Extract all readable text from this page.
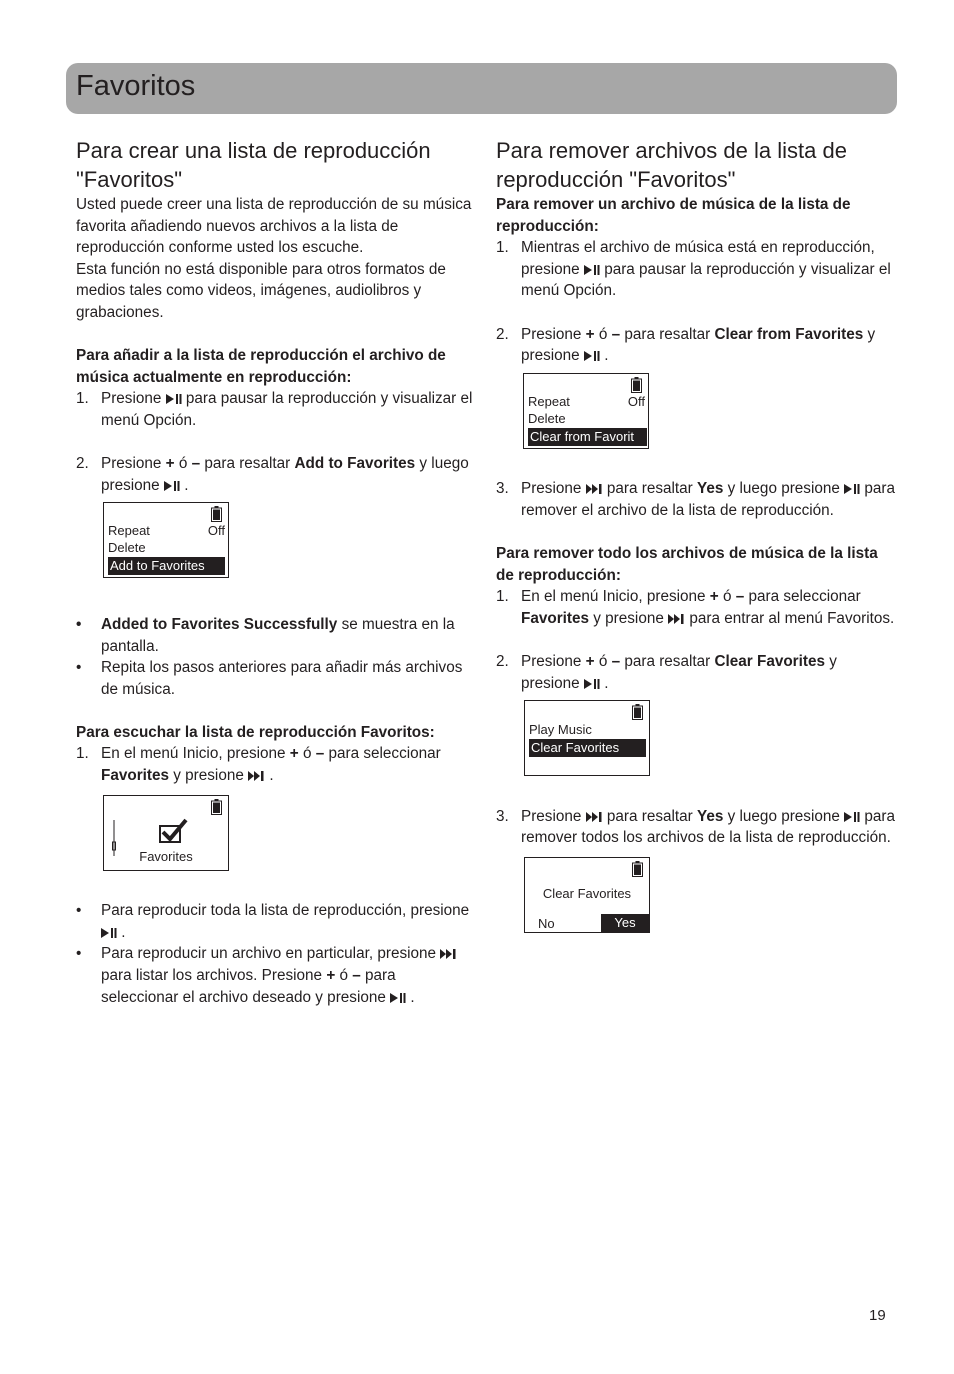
Favoritos
Para crear una lista de reproducción
"Favoritos"

Usted puede creer una lista de reproducción de su música favorita añadiendo nuevos archivos a la lista de reproducción conforme usted los escuche.

Esta función no está disponible para otros formatos de medios tales como videos, imágenes, audiolibros y grabaciones.

Para añadir a la lista de reproducción el archivo de música actualmente en reproducción:

1. Presione para pausar la reproducción y visualizar el menú Opción.
2. Presione + ó – para resaltar Add to Favorites y luego presione .
Repeat	Off
Delete
Add to Favorites
•	Added to Favorites Successfully se muestra en la pantalla.
•	Repita los pasos anteriores para añadir más archivos de música.

Para escuchar la lista de reproducción Favoritos:

1. En el menú Inicio, presione + ó – para seleccionar Favorites y presione .
Favorites
•	Para reproducir toda la lista de reproducción, presione
.
•	Para reproducir un archivo en particular, presione
para listar los archivos. Presione + ó – para seleccionar el archivo deseado y presione .
Para remover archivos de la lista de
reproducción "Favoritos"

Para remover un archivo de música de la lista de reproducción:

1. Mientras el archivo de música está en reproducción, presione para pausar la reproducción y visualizar el menú Opción.
2. Presione + ó – para resaltar Clear from Favorites y presione .
Repeat	Off
Delete
Clear from Favorit
3. Presione para resaltar Yes y luego presione para remover el archivo de la lista de reproducción.

Para remover todo los archivos de música de la lista de reproducción:

1. En el menú Inicio, presione + ó – para seleccionar Favorites y presione para entrar al menú Favoritos.
2. Presione + ó – para resaltar Clear Favorites y presione .
Play Music
Clear Favorites
3. Presione para resaltar Yes y luego presione para remover todos los archivos de la lista de reproducción.
Clear Favorites
No	Yes
19
